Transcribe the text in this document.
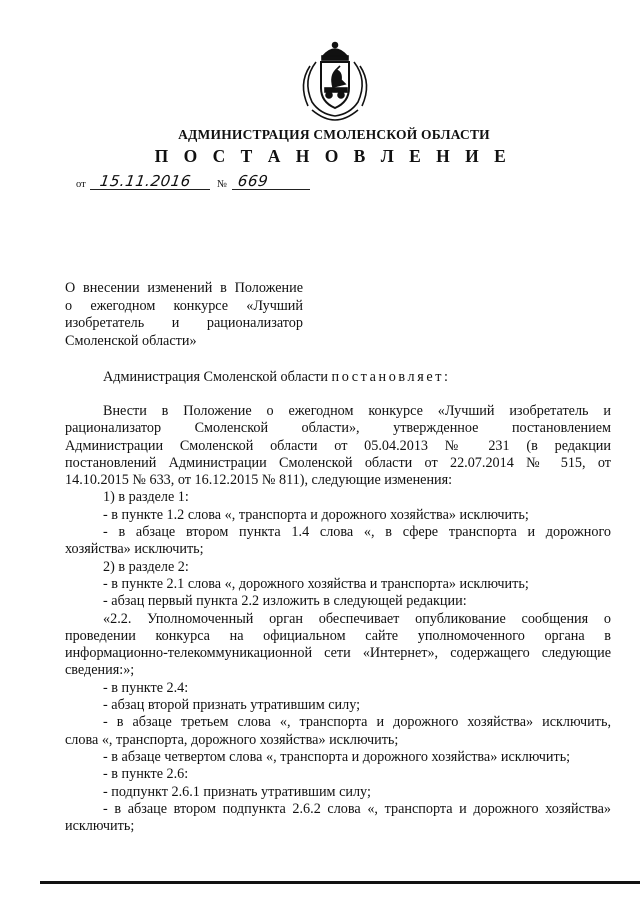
АДМИНИСТРАЦИЯ СМОЛЕНСКОЙ ОБЛАСТИ
П О С Т А Н О В Л Е Н И Е
от 15.11.2016 № 669
О внесении изменений в Положение
о ежегодном конкурсе «Лучший
изобретатель и рационализатор
Смоленской области»
Администрация Смоленской области постановляет:
Внести в Положение о ежегодном конкурсе «Лучший изобретатель и
рационализатор Смоленской области», утвержденное постановлением
Администрации Смоленской области от 05.04.2013 № 231 (в редакции
постановлений Администрации Смоленской области от 22.07.2014 № 515, от
14.10.2015 № 633, от 16.12.2015 № 811), следующие изменения:
1) в разделе 1:
- в пункте 1.2 слова «, транспорта и дорожного хозяйства» исключить;
- в абзаце втором пункта 1.4 слова «, в сфере транспорта и дорожного
хозяйства» исключить;
2) в разделе 2:
- в пункте 2.1 слова «, дорожного хозяйства и транспорта» исключить;
- абзац первый пункта 2.2 изложить в следующей редакции:
«2.2. Уполномоченный орган обеспечивает опубликование сообщения о
проведении конкурса на официальном сайте уполномоченного органа в
информационно-телекоммуникационной сети «Интернет», содержащего следующие
сведения:»;
- в пункте 2.4:
- абзац второй признать утратившим силу;
- в абзаце третьем слова «, транспорта и дорожного хозяйства» исключить,
слова «, транспорта, дорожного хозяйства» исключить;
- в абзаце четвертом слова «, транспорта и дорожного хозяйства» исключить;
- в пункте 2.6:
- подпункт 2.6.1 признать утратившим силу;
- в абзаце втором подпункта 2.6.2 слова «, транспорта и дорожного хозяйства»
исключить;
